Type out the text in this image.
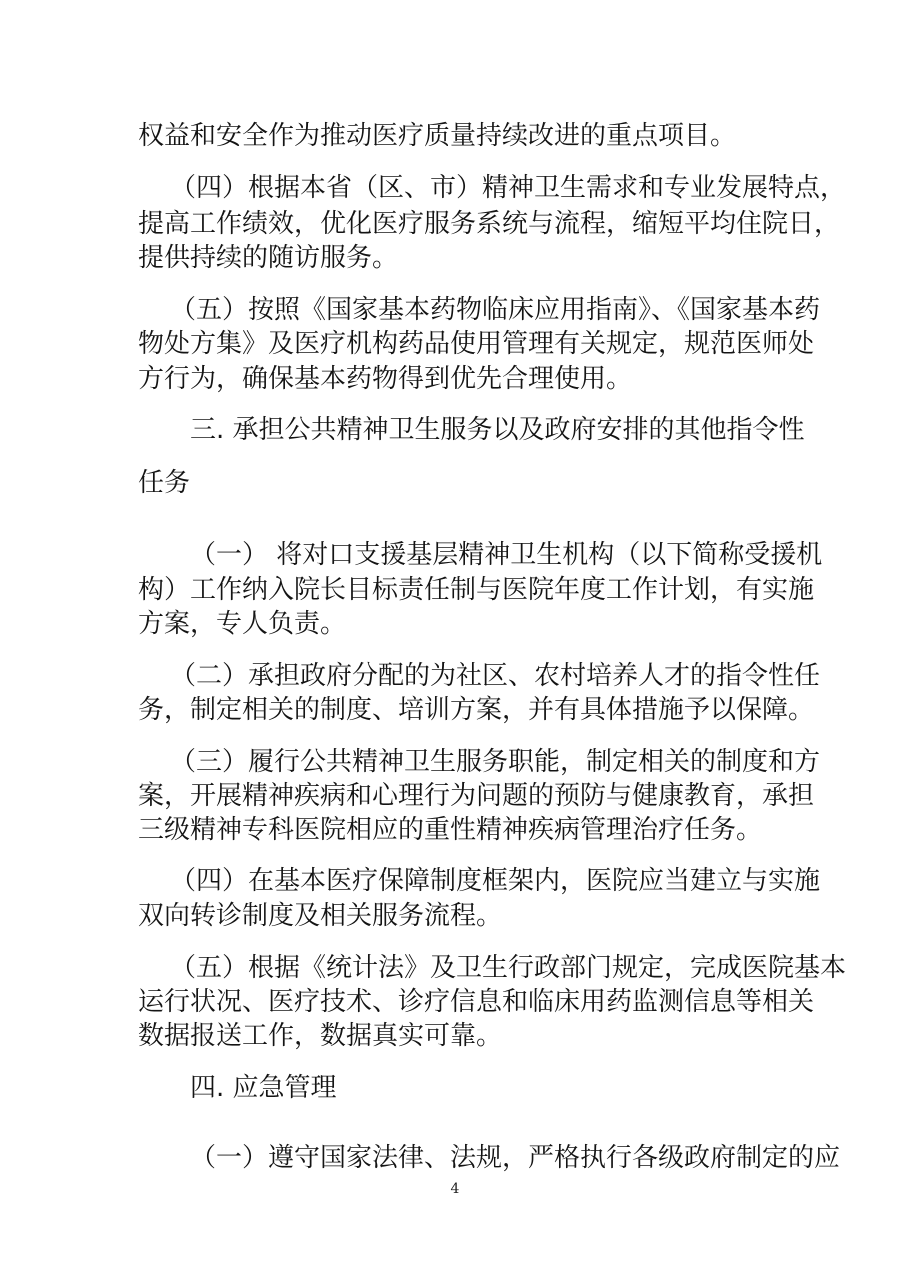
权益和安全作为推动医疗质量持续改进的重点项目。
（四）根据本省（区、市）精神卫生需求和专业发展特点，
提高工作绩效，优化医疗服务系统与流程，缩短平均住院日，
提供持续的随访服务。
（五）按照《国家基本药物临床应用指南》、《国家基本药
物处方集》及医疗机构药品使用管理有关规定，规范医师处
方行为，确保基本药物得到优先合理使用。
三. 承担公共精神卫生服务以及政府安排的其他指令性
任务
（一） 将对口支援基层精神卫生机构（以下简称受援机
构）工作纳入院长目标责任制与医院年度工作计划，有实施
方案，专人负责。
（二）承担政府分配的为社区、农村培养人才的指令性任
务，制定相关的制度、培训方案，并有具体措施予以保障。
（三）履行公共精神卫生服务职能，制定相关的制度和方
案，开展精神疾病和心理行为问题的预防与健康教育，承担
三级精神专科医院相应的重性精神疾病管理治疗任务。
（四）在基本医疗保障制度框架内，医院应当建立与实施
双向转诊制度及相关服务流程。
（五）根据《统计法》及卫生行政部门规定，完成医院基本
运行状况、医疗技术、诊疗信息和临床用药监测信息等相关
数据报送工作，数据真实可靠。
四. 应急管理
（一）遵守国家法律、法规，严格执行各级政府制定的应
4
